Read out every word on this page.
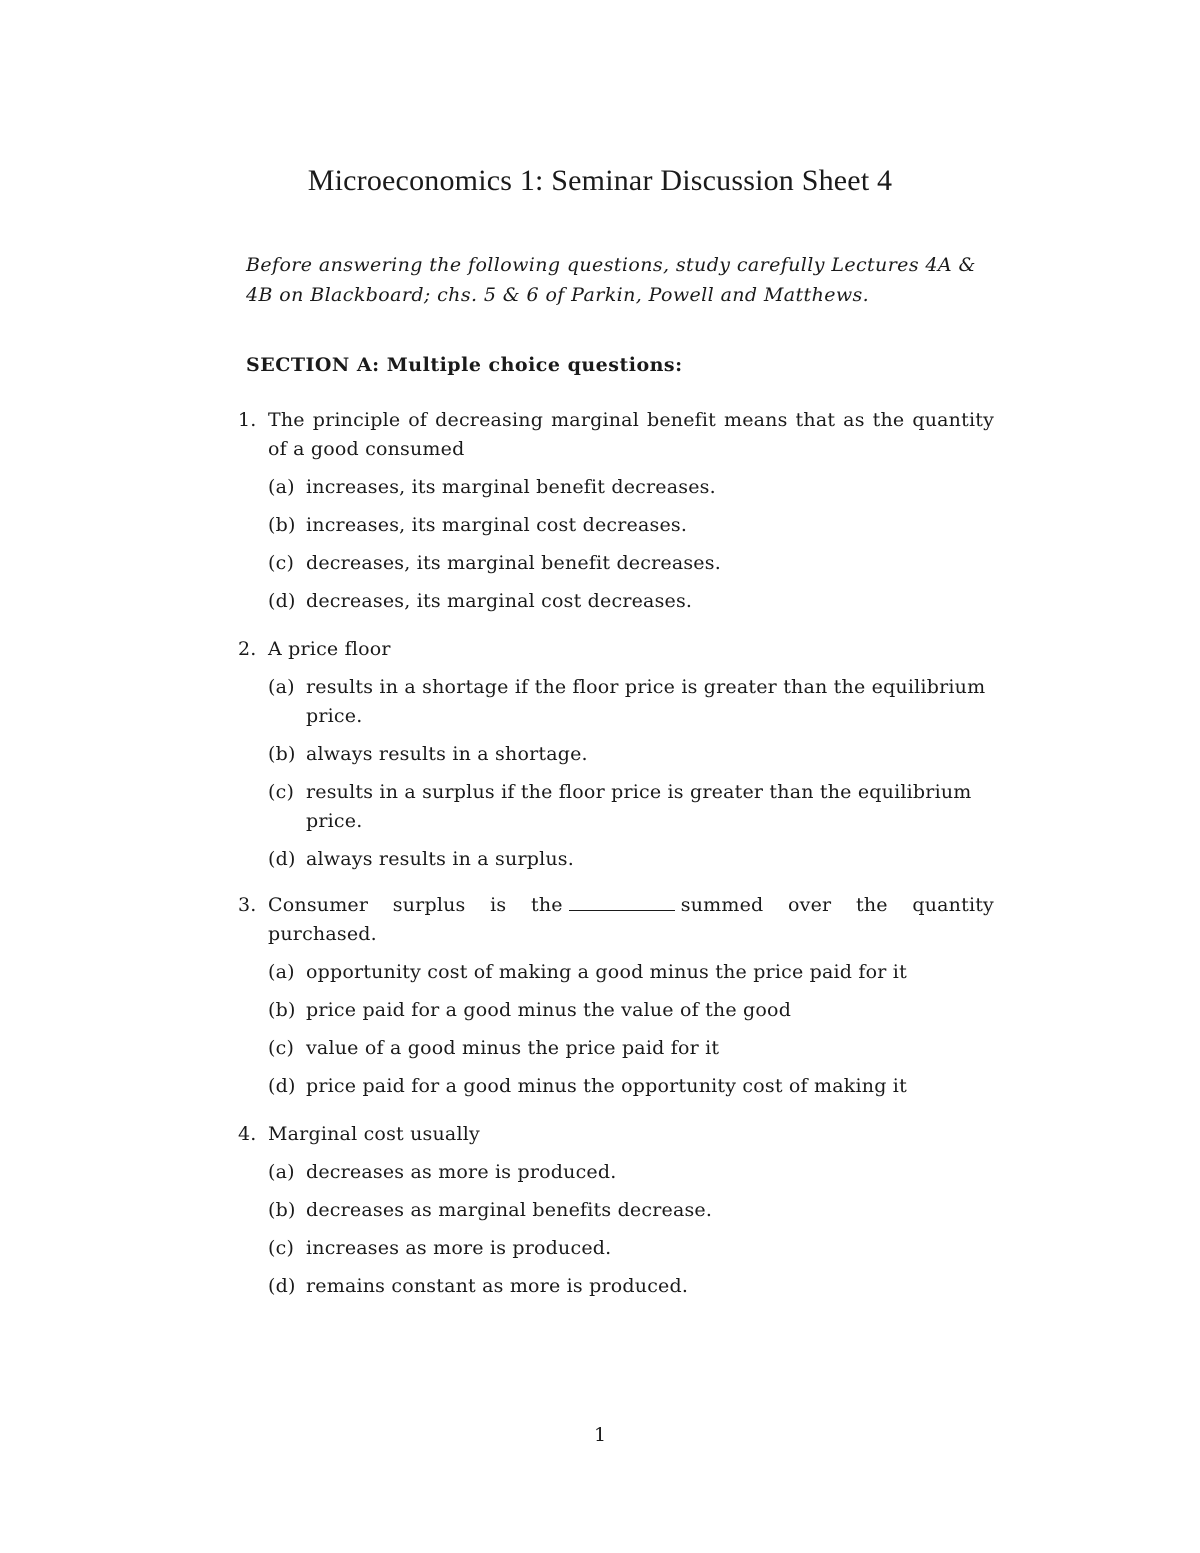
Microeconomics 1: Seminar Discussion Sheet 4
Before answering the following questions, study carefully Lectures 4A & 4B on Blackboard; chs. 5 & 6 of Parkin, Powell and Matthews.
SECTION A: Multiple choice questions:
1. The principle of decreasing marginal benefit means that as the quantity of a good consumed
(a) increases, its marginal benefit decreases.
(b) increases, its marginal cost decreases.
(c) decreases, its marginal benefit decreases.
(d) decreases, its marginal cost decreases.
2. A price floor
(a) results in a shortage if the floor price is greater than the equilibrium price.
(b) always results in a shortage.
(c) results in a surplus if the floor price is greater than the equilibrium price.
(d) always results in a surplus.
3. Consumer surplus is the	summed over the quantity purchased.
(a) opportunity cost of making a good minus the price paid for it
(b) price paid for a good minus the value of the good
(c) value of a good minus the price paid for it
(d) price paid for a good minus the opportunity cost of making it
4. Marginal cost usually
(a) decreases as more is produced.
(b) decreases as marginal benefits decrease.
(c) increases as more is produced.
(d) remains constant as more is produced.
1
